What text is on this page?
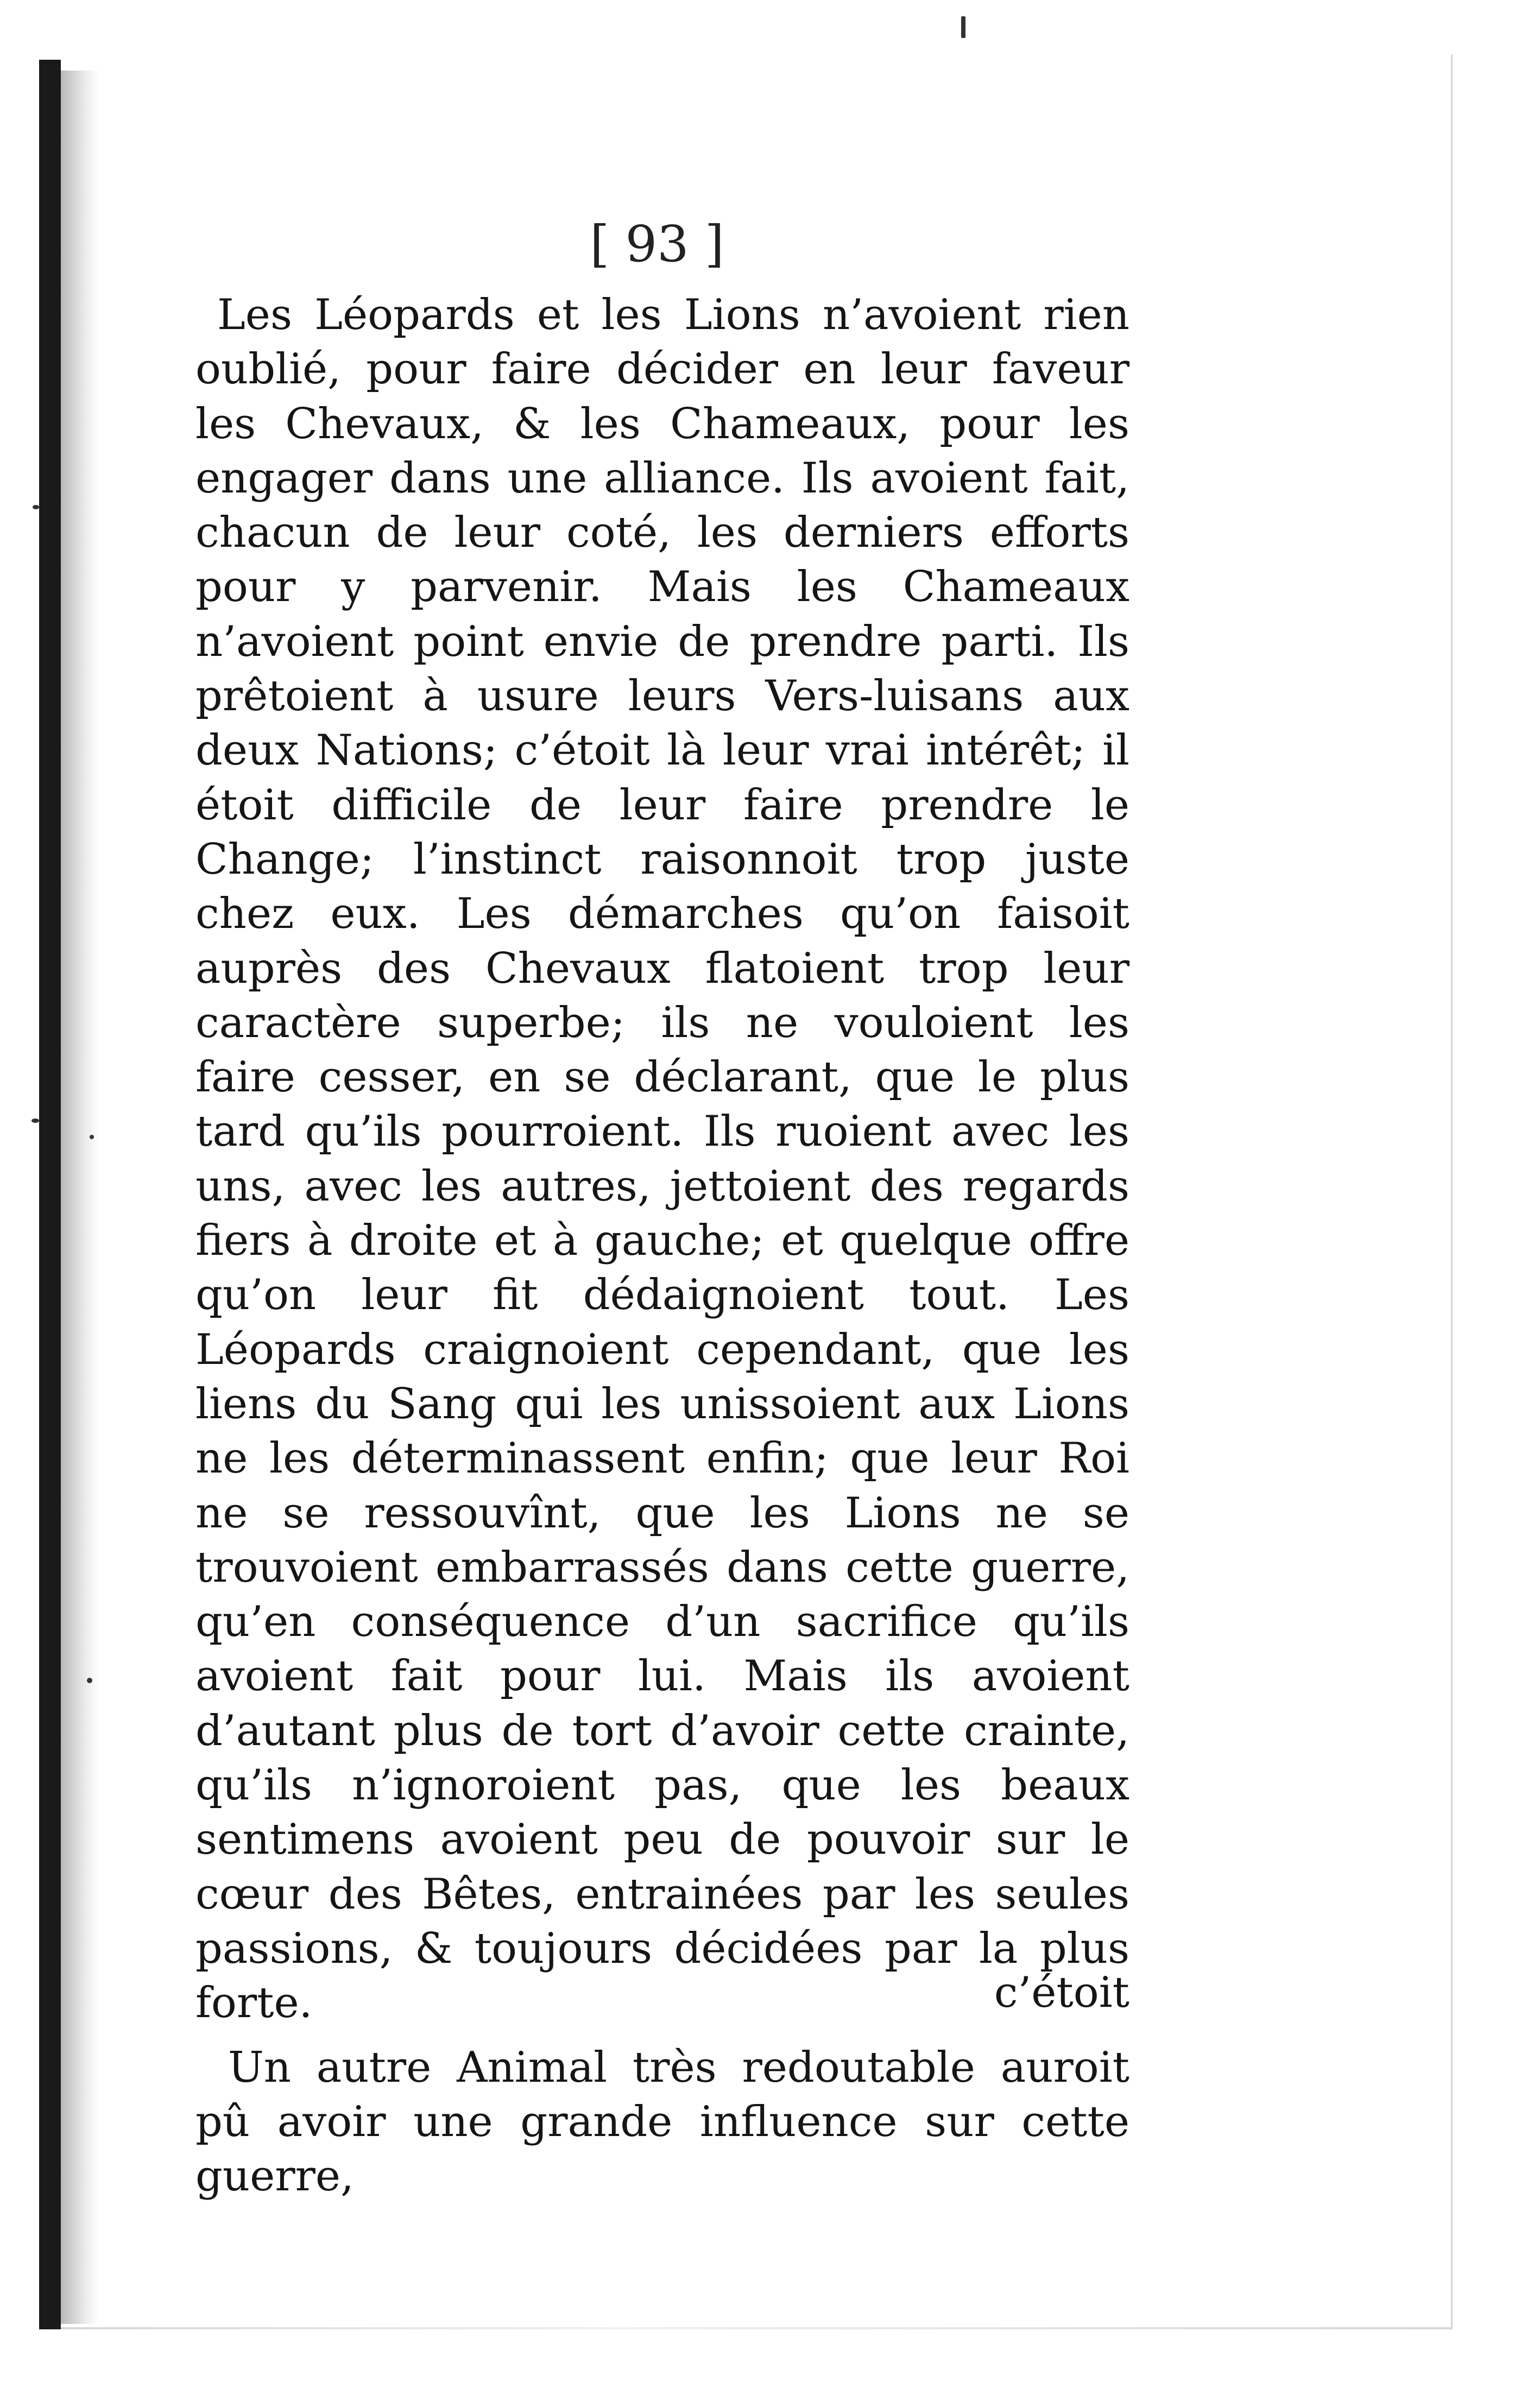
[ 93 ]

Les Léopards et les Lions n’avoient rien oublié, pour faire décider en leur faveur les Chevaux, & les Chameaux, pour les engager dans une alliance. Ils avoient fait, chacun de leur coté, les derniers efforts pour y parvenir. Mais les Chameaux n’avoient point envie de prendre parti. Ils prêtoient à usure leurs Vers-luisans aux deux Nations; c’étoit là leur vrai intérêt; il étoit difficile de leur faire prendre le Change; l’instinct raisonnoit trop juste chez eux. Les démarches qu’on faisoit auprès des Chevaux flatoient trop leur caractère superbe; ils ne vouloient les faire cesser, en se déclarant, que le plus tard qu’ils pourroient. Ils ruoient avec les uns, avec les autres, jettoient des regards fiers à droite et à gauche; et quelque offre qu’on leur fit dédaignoient tout. Les Léopards craignoient cependant, que les liens du Sang qui les unissoient aux Lions ne les déterminassent enfin; que leur Roi ne se ressouvînt, que les Lions ne se trouvoient embarrassés dans cette guerre, qu’en conséquence d’un sacrifice qu’ils avoient fait pour lui. Mais ils avoient d’autant plus de tort d’avoir cette crainte, qu’ils n’ignoroient pas, que les beaux sentimens avoient peu de pouvoir sur le cœur des Bêtes, entrainées par les seules passions, & toujours décidées par la plus forte.

Un autre Animal très redoutable auroit pû avoir une grande influence sur cette guerre,

c’étoit
